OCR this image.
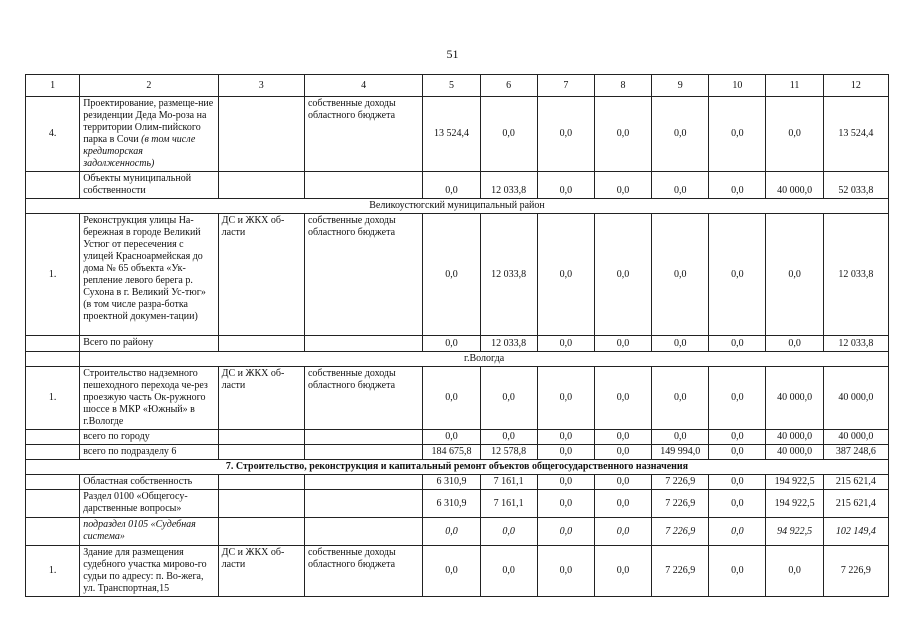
51
1	2	3	4	5	6	7	8	9	10	11	12
4.	Проектирование, размеще-ние резиденции Деда Мо-роза на территории Олим-пийского парка в Сочи (в том числе кредиторская задолженность)		собственные доходы областного бюджета	13 524,4	0,0	0,0	0,0	0,0	0,0	0,0	13 524,4
	Объекты муниципальной собственности			0,0	12 033,8	0,0	0,0	0,0	0,0	40 000,0	52 033,8
Великоустюгский муниципальный район											
1.	Реконструкция улицы На-бережная в городе Великий Устюг от пересечения с улицей Красноармейская до дома № 65 объекта «Ук-репление левого берега р. Сухона в г. Великий Ус-тюг» (в том числе разра-ботка проектной докумен-тации)	ДС и ЖКХ об-ласти	собственные доходы областного бюджета	0,0	12 033,8	0,0	0,0	0,0	0,0	0,0	12 033,8
	Всего по району			0,0	12 033,8	0,0	0,0	0,0	0,0	0,0	12 033,8
	г.Вологда										
1.	Строительство надземного пешеходного перехода че-рез проезжую часть Ок-ружного шоссе в МКР «Южный» в г.Вологде	ДС и ЖКХ об-ласти	собственные доходы областного бюджета	0,0	0,0	0,0	0,0	0,0	0,0	40 000,0	40 000,0
	всего по городу			0,0	0,0	0,0	0,0	0,0	0,0	40 000,0	40 000,0
	всего по подразделу 6			184 675,8	12 578,8	0,0	0,0	149 994,0	0,0	40 000,0	387 248,6
7. Строительство, реконструкция и капитальный ремонт объектов общегосударственного назначения											
	Областная собственность			6 310,9	7 161,1	0,0	0,0	7 226,9	0,0	194 922,5	215 621,4
	Раздел 0100 «Общегосу-дарственные вопросы»			6 310,9	7 161,1	0,0	0,0	7 226,9	0,0	194 922,5	215 621,4
	подраздел 0105 «Судебная система»			0,0	0,0	0,0	0,0	7 226,9	0,0	94 922,5	102 149,4
1.	Здание для размещения судебного участка мирово-го судьи по адресу: п. Во-жега, ул. Транспортная,15	ДС и ЖКХ об-ласти	собственные доходы областного бюджета	0,0	0,0	0,0	0,0	7 226,9	0,0	0,0	7 226,9
